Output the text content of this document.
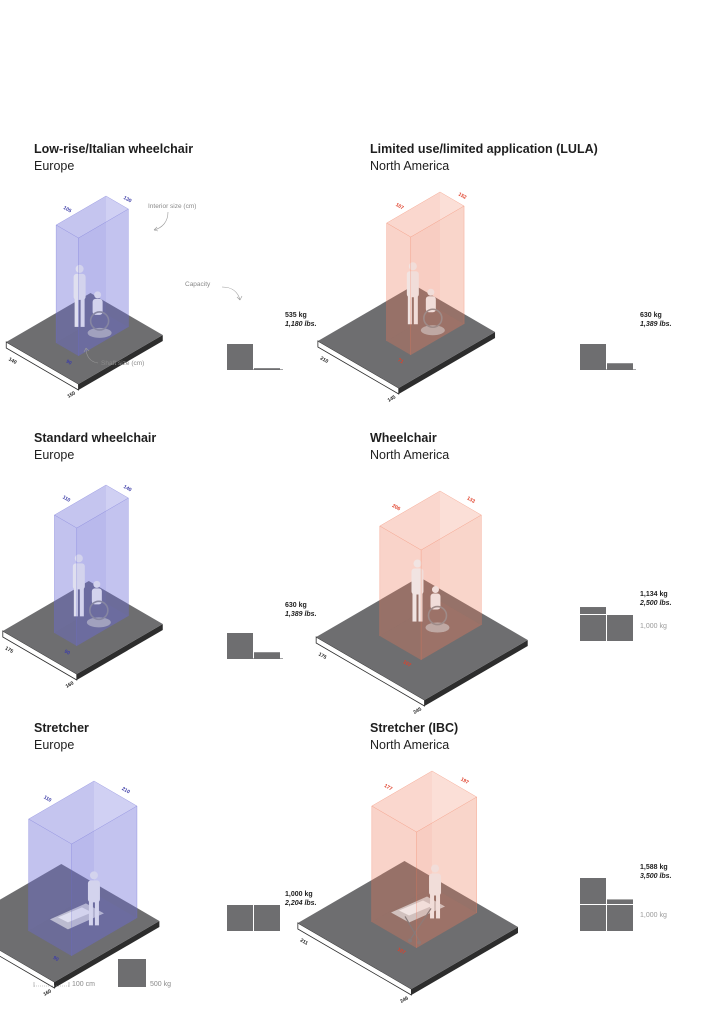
Low-rise/Italian wheelchair
Europe
105
130
140	90
150
535 kg
1,180 lbs.
Limited use/limited application (LULA)
North America
107
152
210	71
145
630 kg
1,389 lbs.
Interior size (cm)
Capacity
Shaft size (cm)
Standard wheelchair
Europe
110
140
175	90
160
630 kg
1,389 lbs.
Wheelchair
North America
206
133
175
107
245
1,134 kg
2,500 lbs.
1,000 kg
Stretcher
Europe
110
210
90
160
1,000 kg
2,204 lbs.
Stretcher (IBC)
North America
177
197
211
107
246
1,588 kg
3,500 lbs.
1,000 kg
100 cm	500 kg
